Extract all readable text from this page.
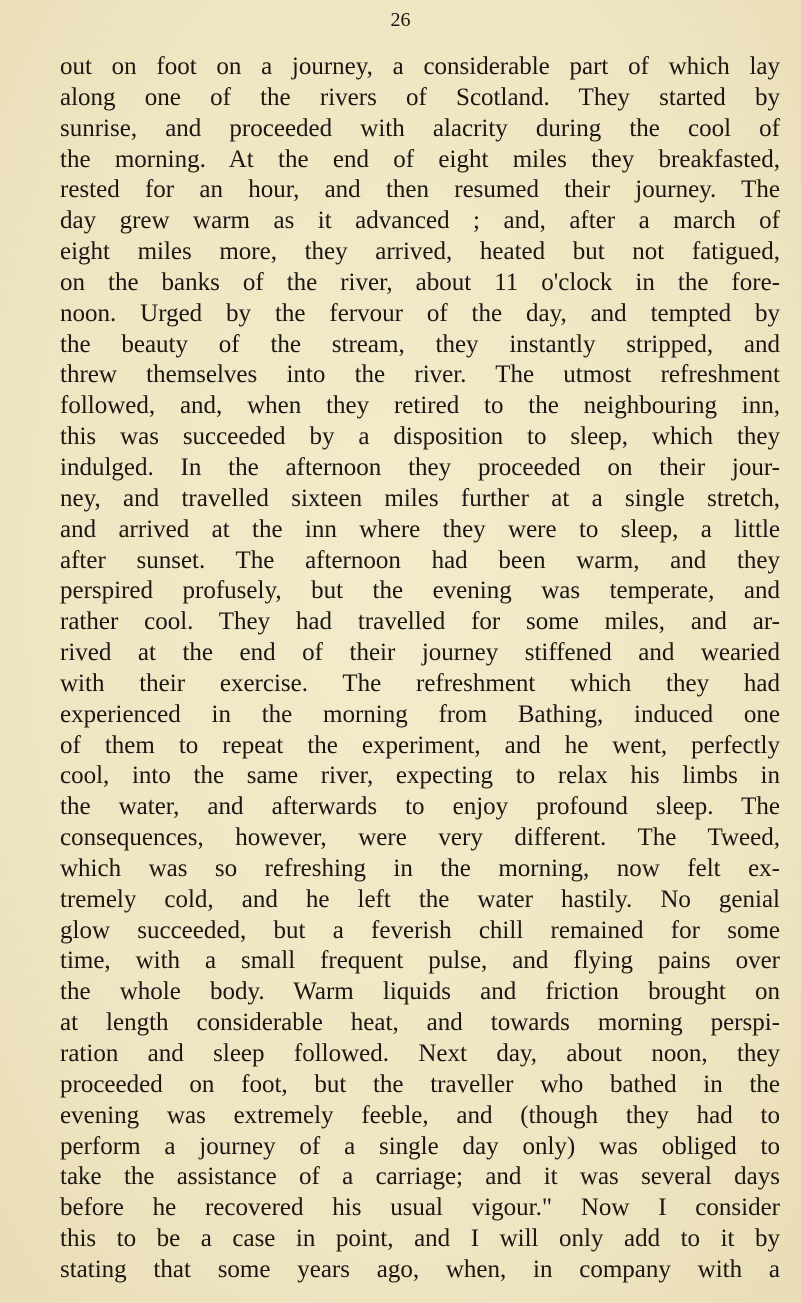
26
out on foot on a journey, a considerable part of which lay
along one of the rivers of Scotland. They started by
sunrise, and proceeded with alacrity during the cool of
the morning. At the end of eight miles they breakfasted,
rested for an hour, and then resumed their journey. The
day grew warm as it advanced ; and, after a march of
eight miles more, they arrived, heated but not fatigued,
on the banks of the river, about 11 o'clock in the fore-
noon. Urged by the fervour of the day, and tempted by
the beauty of the stream, they instantly stripped, and
threw themselves into the river. The utmost refreshment
followed, and, when they retired to the neighbouring inn,
this was succeeded by a disposition to sleep, which they
indulged. In the afternoon they proceeded on their jour-
ney, and travelled sixteen miles further at a single stretch,
and arrived at the inn where they were to sleep, a little
after sunset. The afternoon had been warm, and they
perspired profusely, but the evening was temperate, and
rather cool. They had travelled for some miles, and ar-
rived at the end of their journey stiffened and wearied
with their exercise. The refreshment which they had
experienced in the morning from Bathing, induced one
of them to repeat the experiment, and he went, perfectly
cool, into the same river, expecting to relax his limbs in
the water, and afterwards to enjoy profound sleep. The
consequences, however, were very different. The Tweed,
which was so refreshing in the morning, now felt ex-
tremely cold, and he left the water hastily. No genial
glow succeeded, but a feverish chill remained for some
time, with a small frequent pulse, and flying pains over
the whole body. Warm liquids and friction brought on
at length considerable heat, and towards morning perspi-
ration and sleep followed. Next day, about noon, they
proceeded on foot, but the traveller who bathed in the
evening was extremely feeble, and (though they had to
perform a journey of a single day only) was obliged to
take the assistance of a carriage; and it was several days
before he recovered his usual vigour." Now I consider
this to be a case in point, and I will only add to it by
stating that some years ago, when, in company with a
